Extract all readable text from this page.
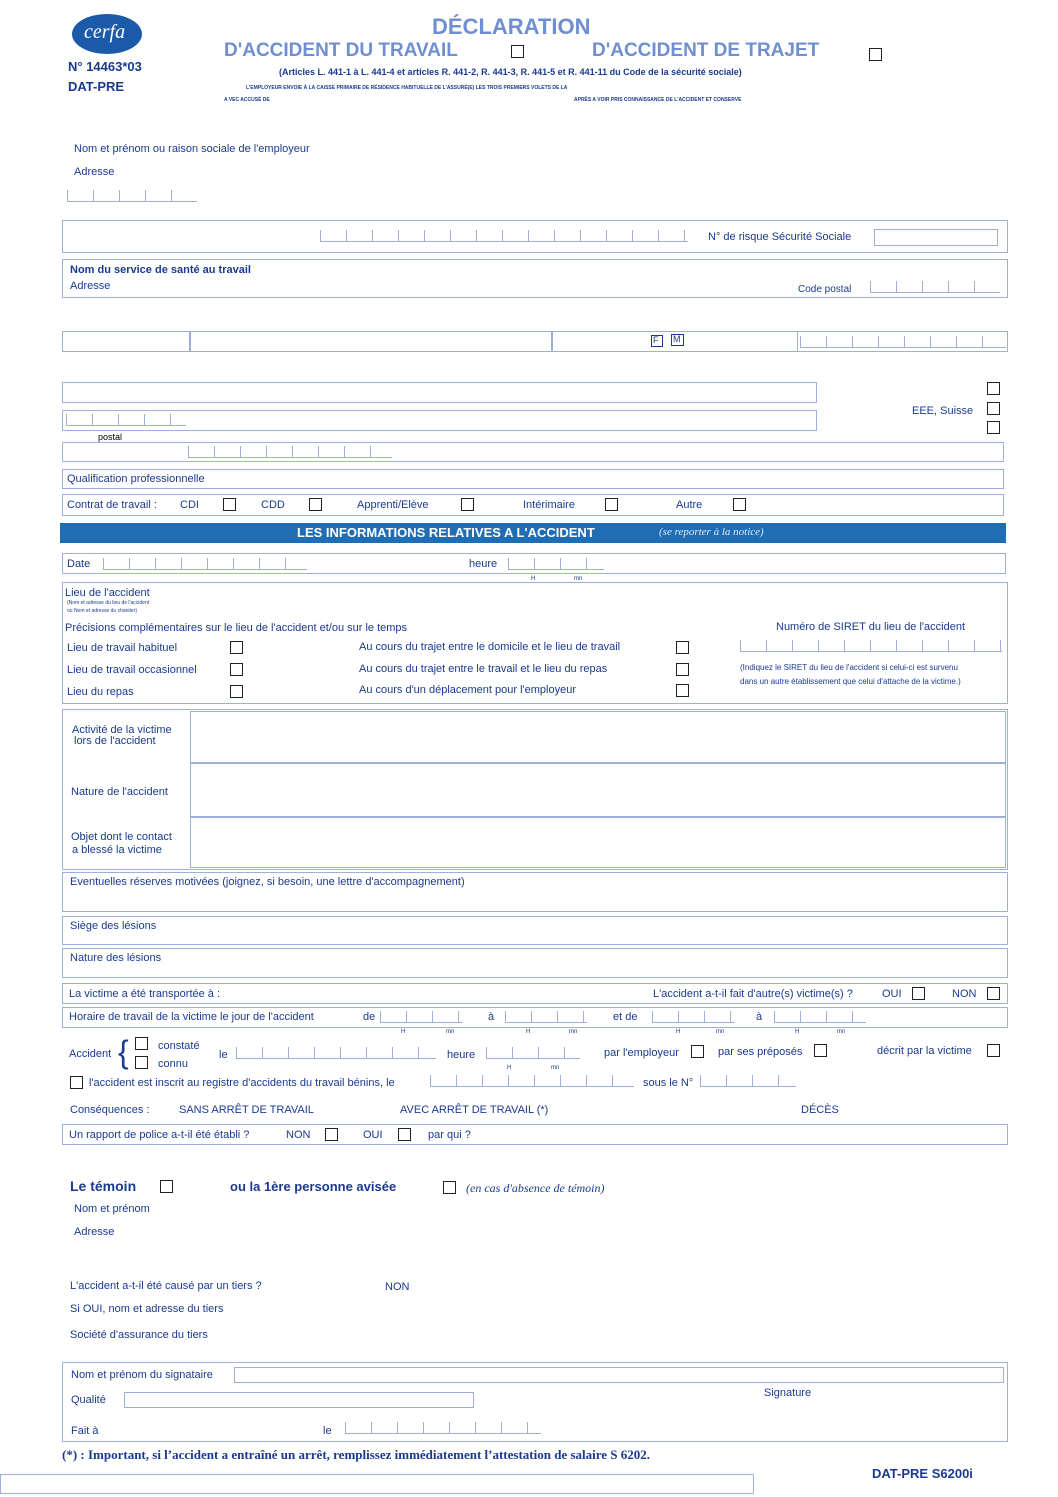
cerfa
N° 14463*03
DAT-PRE
DÉCLARATION
D'ACCIDENT DU TRAVAIL	D'ACCIDENT DE TRAJET
(Articles L. 441-1 à L. 441-4 et articles R. 441-2, R. 441-3, R. 441-5 et R. 441-11 du Code de la sécurité sociale)
L'EMPLOYEUR ENVOIE À LA CAISSE PRIMAIRE DE RÉSIDENCE HABITUELLE DE L'ASSURÉ(E) LES TROIS PREMIERS VOLETS DE LA
A VEC ACCUSÉ DE	APRÈS A VOIR PRIS CONNAISSANCE DE L'ACCIDENT ET CONSERVE
Nom et prénom ou raison sociale de l'employeur
Adresse
N° de risque Sécurité Sociale
Nom du service de santé au travail
Adresse	Code postal
F M
postal
EEE, Suisse
Qualification professionnelle
Contrat de travail : CDI	CDD	Apprenti/Elève	Intérimaire	Autre
LES INFORMATIONS RELATIVES A L'ACCIDENT	(se reporter à la notice)
Date	heure
H	mn
Lieu de l'accident
(Nom et adresse du lieu de l'accident
ou Nom et adresse du chantier)
Précisions complémentaires sur le lieu de l'accident et/ou sur le temps	Numéro de SIRET du lieu de l'accident
(Indiquez le SIRET du lieu de l'accident si celui-ci est survenu
dans un autre établissement que celui d'attache de la victime.)
Lieu de travail habituel
Lieu de travail occasionnel
Lieu du repas
Au cours du trajet entre le domicile et le lieu de travail
Au cours du trajet entre le travail et le lieu du repas
Au cours d'un déplacement pour l'employeur
Activité de la victime
lors de l'accident
Nature de l'accident
Objet dont le contact
a blessé la victime
Eventuelles réserves motivées (joignez, si besoin, une lettre d'accompagnement)
Siège des lésions
Nature des lésions
La victime a été transportée à :	L'accident a-t-il fait d'autre(s) victime(s) ?	OUI	NON
Horaire de travail de la victime le jour de l'accident	de	à	et de	à
H	mn	H	mn	H	mn	H	mn
Accident {	constaté
connu
le	heure
H	mn
par l'employeur	par ses préposés	décrit par la victime
l'accident est inscrit au registre d'accidents du travail bénins, le	sous le N°
Conséquences :	SANS ARRÊT DE TRAVAIL	AVEC ARRÊT DE TRAVAIL (*)	DÉCÈS
Un rapport de police a-t-il été établi ?	NON	OUI	par qui ?
Le témoin	ou la 1ère personne avisée	(en cas d'absence de témoin)
Nom et prénom
Adresse
L'accident a-t-il été causé par un tiers ?	NON
Si OUI, nom et adresse du tiers
Société d'assurance du tiers
Nom et prénom du signataire
Qualité
Signature
Fait à	le
(*) : Important, si l’accident a entraîné un arrêt, remplissez immédiatement l’attestation de salaire S 6202.
DAT-PRE S6200i
